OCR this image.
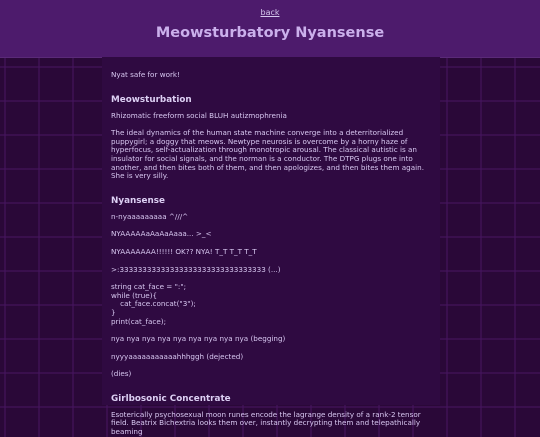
back
Meowsturbatory Nyansense

Nyat safe for work!

Meowsturbation

Rhizomatic freeform social BLUH autizmophrenia

The ideal dynamics of the human state machine converge into a deterritorialized puppygirl; a doggy that meows. Newtype neurosis is overcome by a horny haze of hyperfocus, self-actualization through monotropic arousal. The classical autistic is an insulator for social signals, and the norman is a conductor. The DTPG plugs one into another, and then bites both of them, and then apologizes, and then bites them again. She is very silly.

Nyansense

n-nyaaaaaaaaa ^///^

NYAAAAAaAaAaAaaa... >_<

NYAAAAAAA!!!!!! OK?? NYA! T_T T_T T_T

>:33333333333333333333333333333333 (...)

string cat_face = ":";
while (true){
cat_face.concat("3");
}
print(cat_face);

nya nya nya nya nya nya nya nya nya (begging)

nyyyaaaaaaaaaaahhhggh (dejected)

(dies)

Girlbosonic Concentrate

Esoterically psychosexual moon runes encode the lagrange density of a rank-2 tensor field. Beatrix Bichextria looks them over, instantly decrypting them and telepathically beaming
